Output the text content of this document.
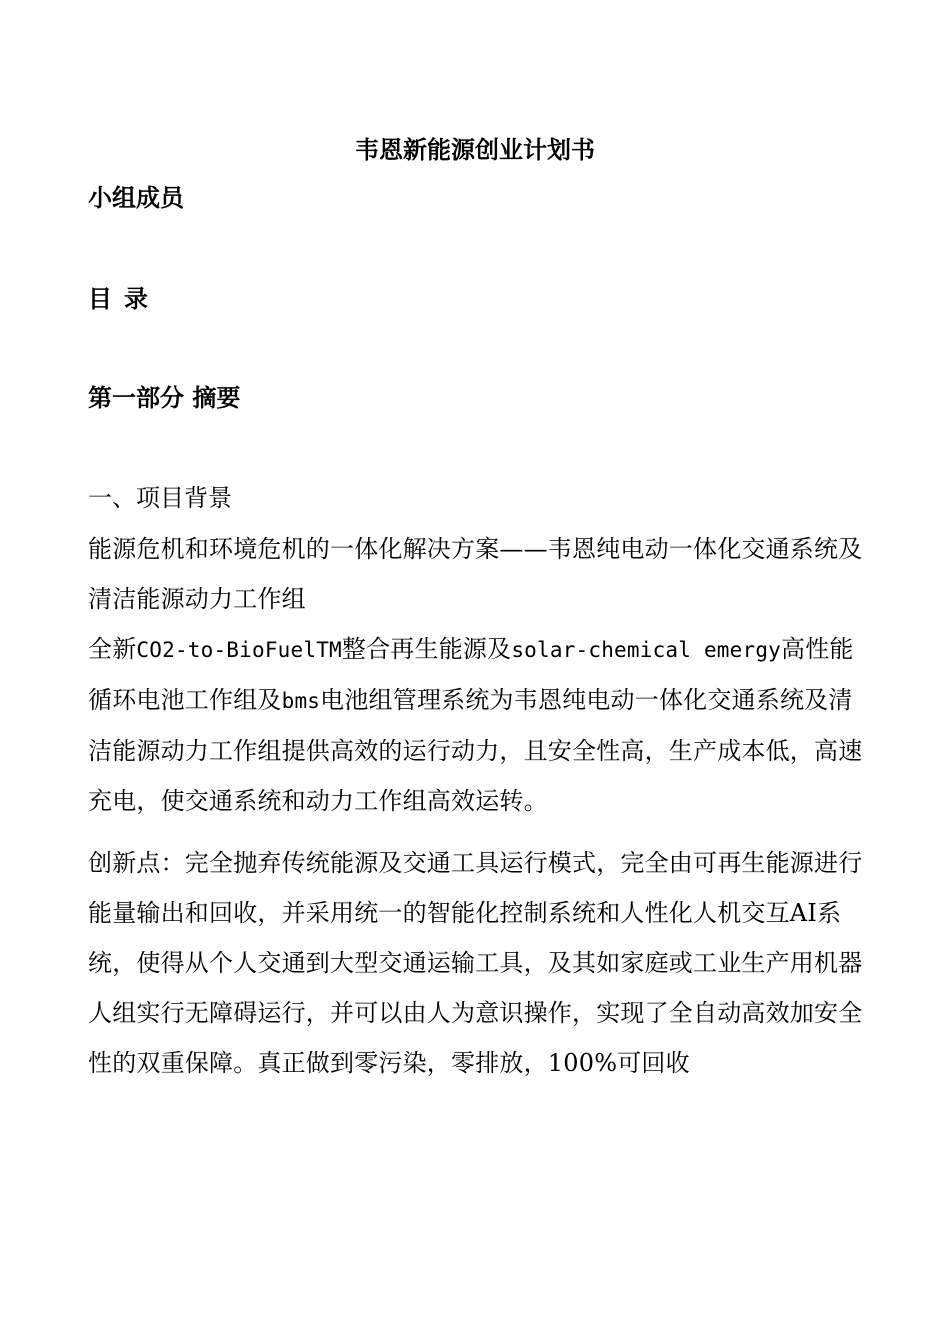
韦恩新能源创业计划书
小组成员
目 录
第一部分 摘要
一、项目背景

能源危机和环境危机的一体化解决方案——韦恩纯电动一体化交通系统及清洁能源动力工作组

全新CO2-to-BioFuelTM整合再生能源及solar-chemical emergy高性能循环电池工作组及bms电池组管理系统为韦恩纯电动一体化交通系统及清洁能源动力工作组提供高效的运行动力，且安全性高，生产成本低，高速充电，使交通系统和动力工作组高效运转。

创新点：完全抛弃传统能源及交通工具运行模式，完全由可再生能源进行能量输出和回收，并采用统一的智能化控制系统和人性化人机交互AI系统，使得从个人交通到大型交通运输工具，及其如家庭或工业生产用机器人组实行无障碍运行，并可以由人为意识操作，实现了全自动高效加安全性的双重保障。真正做到零污染，零排放，100%可回收
